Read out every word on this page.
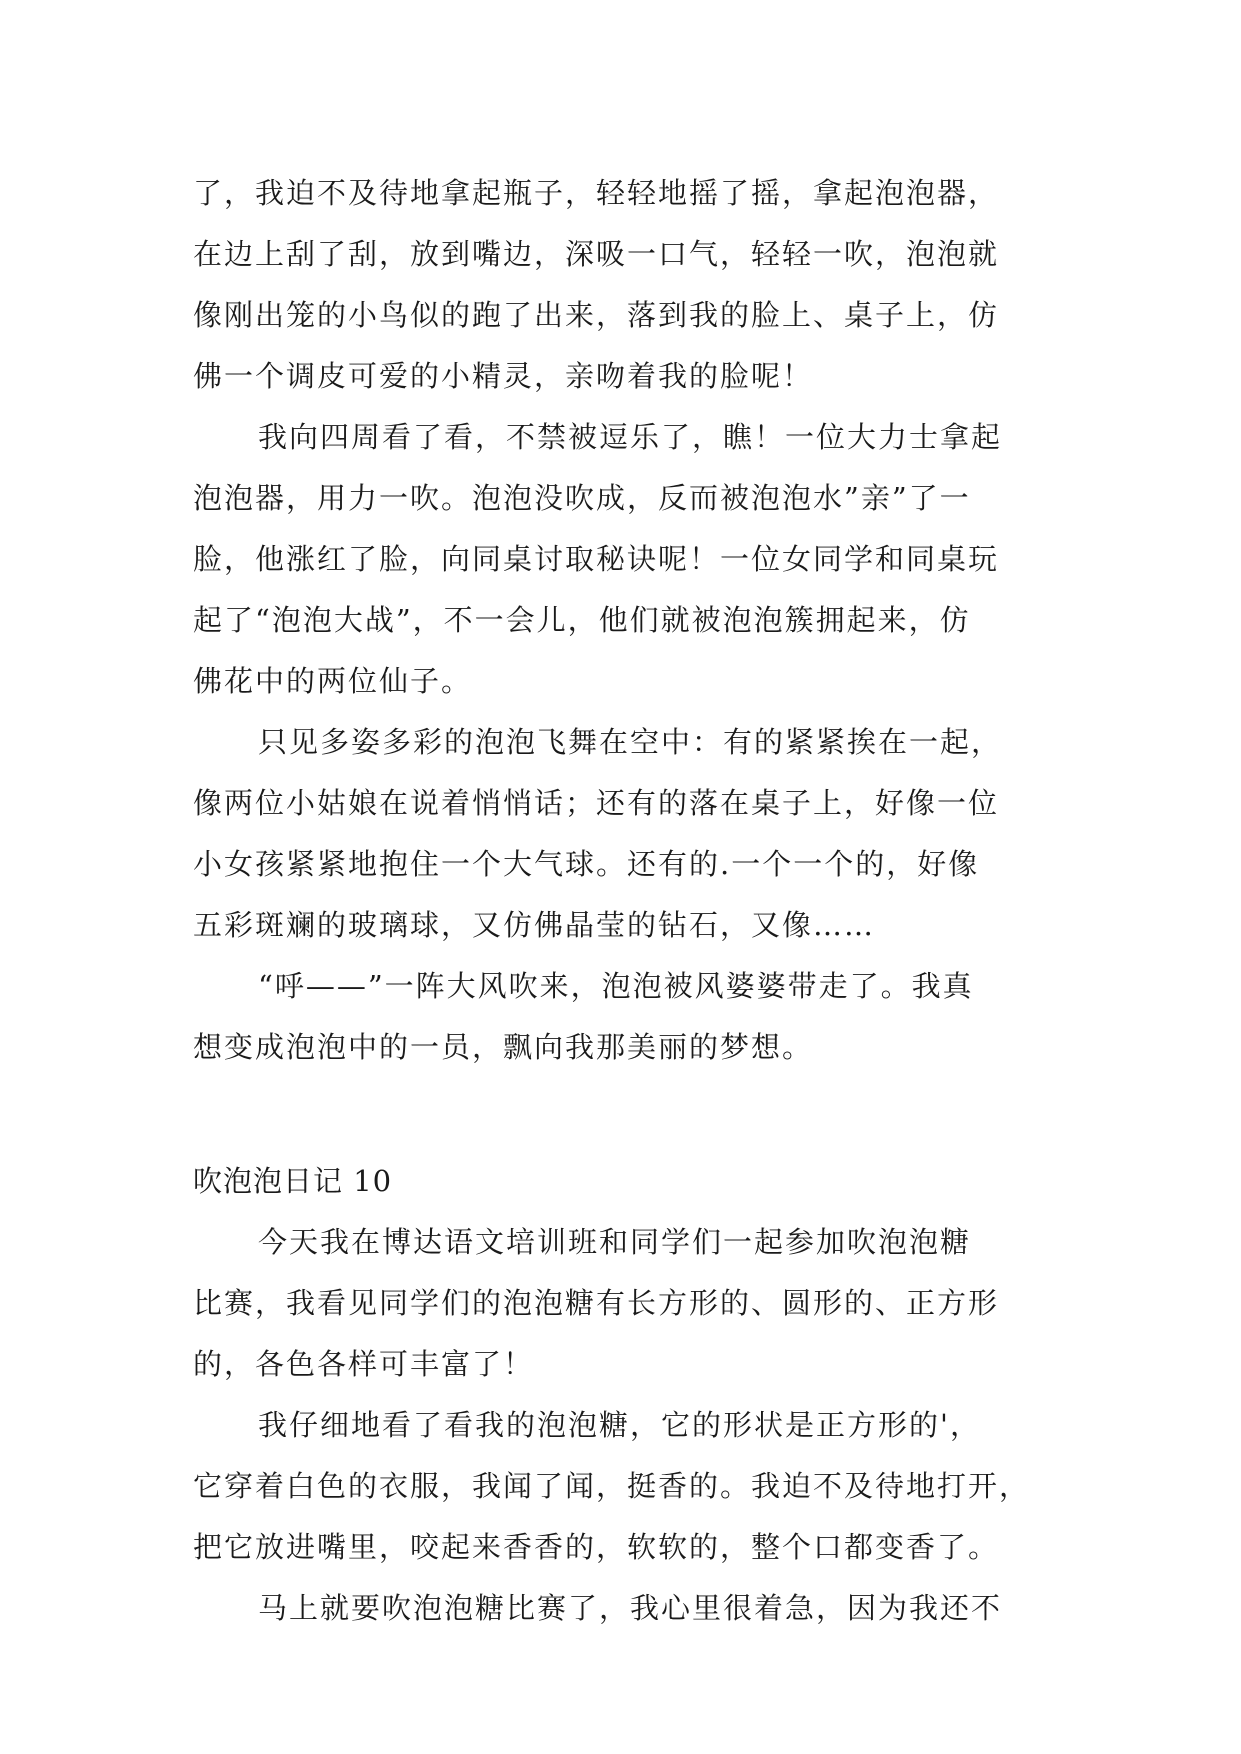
了，我迫不及待地拿起瓶子，轻轻地摇了摇，拿起泡泡器，
在边上刮了刮，放到嘴边，深吸一口气，轻轻一吹，泡泡就
像刚出笼的小鸟似的跑了出来，落到我的脸上、桌子上，仿
佛一个调皮可爱的小精灵，亲吻着我的脸呢！
我向四周看了看，不禁被逗乐了，瞧！一位大力士拿起
泡泡器，用力一吹。泡泡没吹成，反而被泡泡水”亲”了一
脸，他涨红了脸，向同桌讨取秘诀呢！一位女同学和同桌玩
起了“泡泡大战”，不一会儿，他们就被泡泡簇拥起来，仿
佛花中的两位仙子。
只见多姿多彩的泡泡飞舞在空中：有的紧紧挨在一起，
像两位小姑娘在说着悄悄话；还有的落在桌子上，好像一位
小女孩紧紧地抱住一个大气球。还有的.一个一个的，好像
五彩斑斓的玻璃球，又仿佛晶莹的钻石，又像……
“呼——”一阵大风吹来，泡泡被风婆婆带走了。我真
想变成泡泡中的一员，飘向我那美丽的梦想。
吹泡泡日记 10
今天我在博达语文培训班和同学们一起参加吹泡泡糖
比赛，我看见同学们的泡泡糖有长方形的、圆形的、正方形
的，各色各样可丰富了！
我仔细地看了看我的泡泡糖，它的形状是正方形的'，
它穿着白色的衣服，我闻了闻，挺香的。我迫不及待地打开，
把它放进嘴里，咬起来香香的，软软的，整个口都变香了。
马上就要吹泡泡糖比赛了，我心里很着急，因为我还不
